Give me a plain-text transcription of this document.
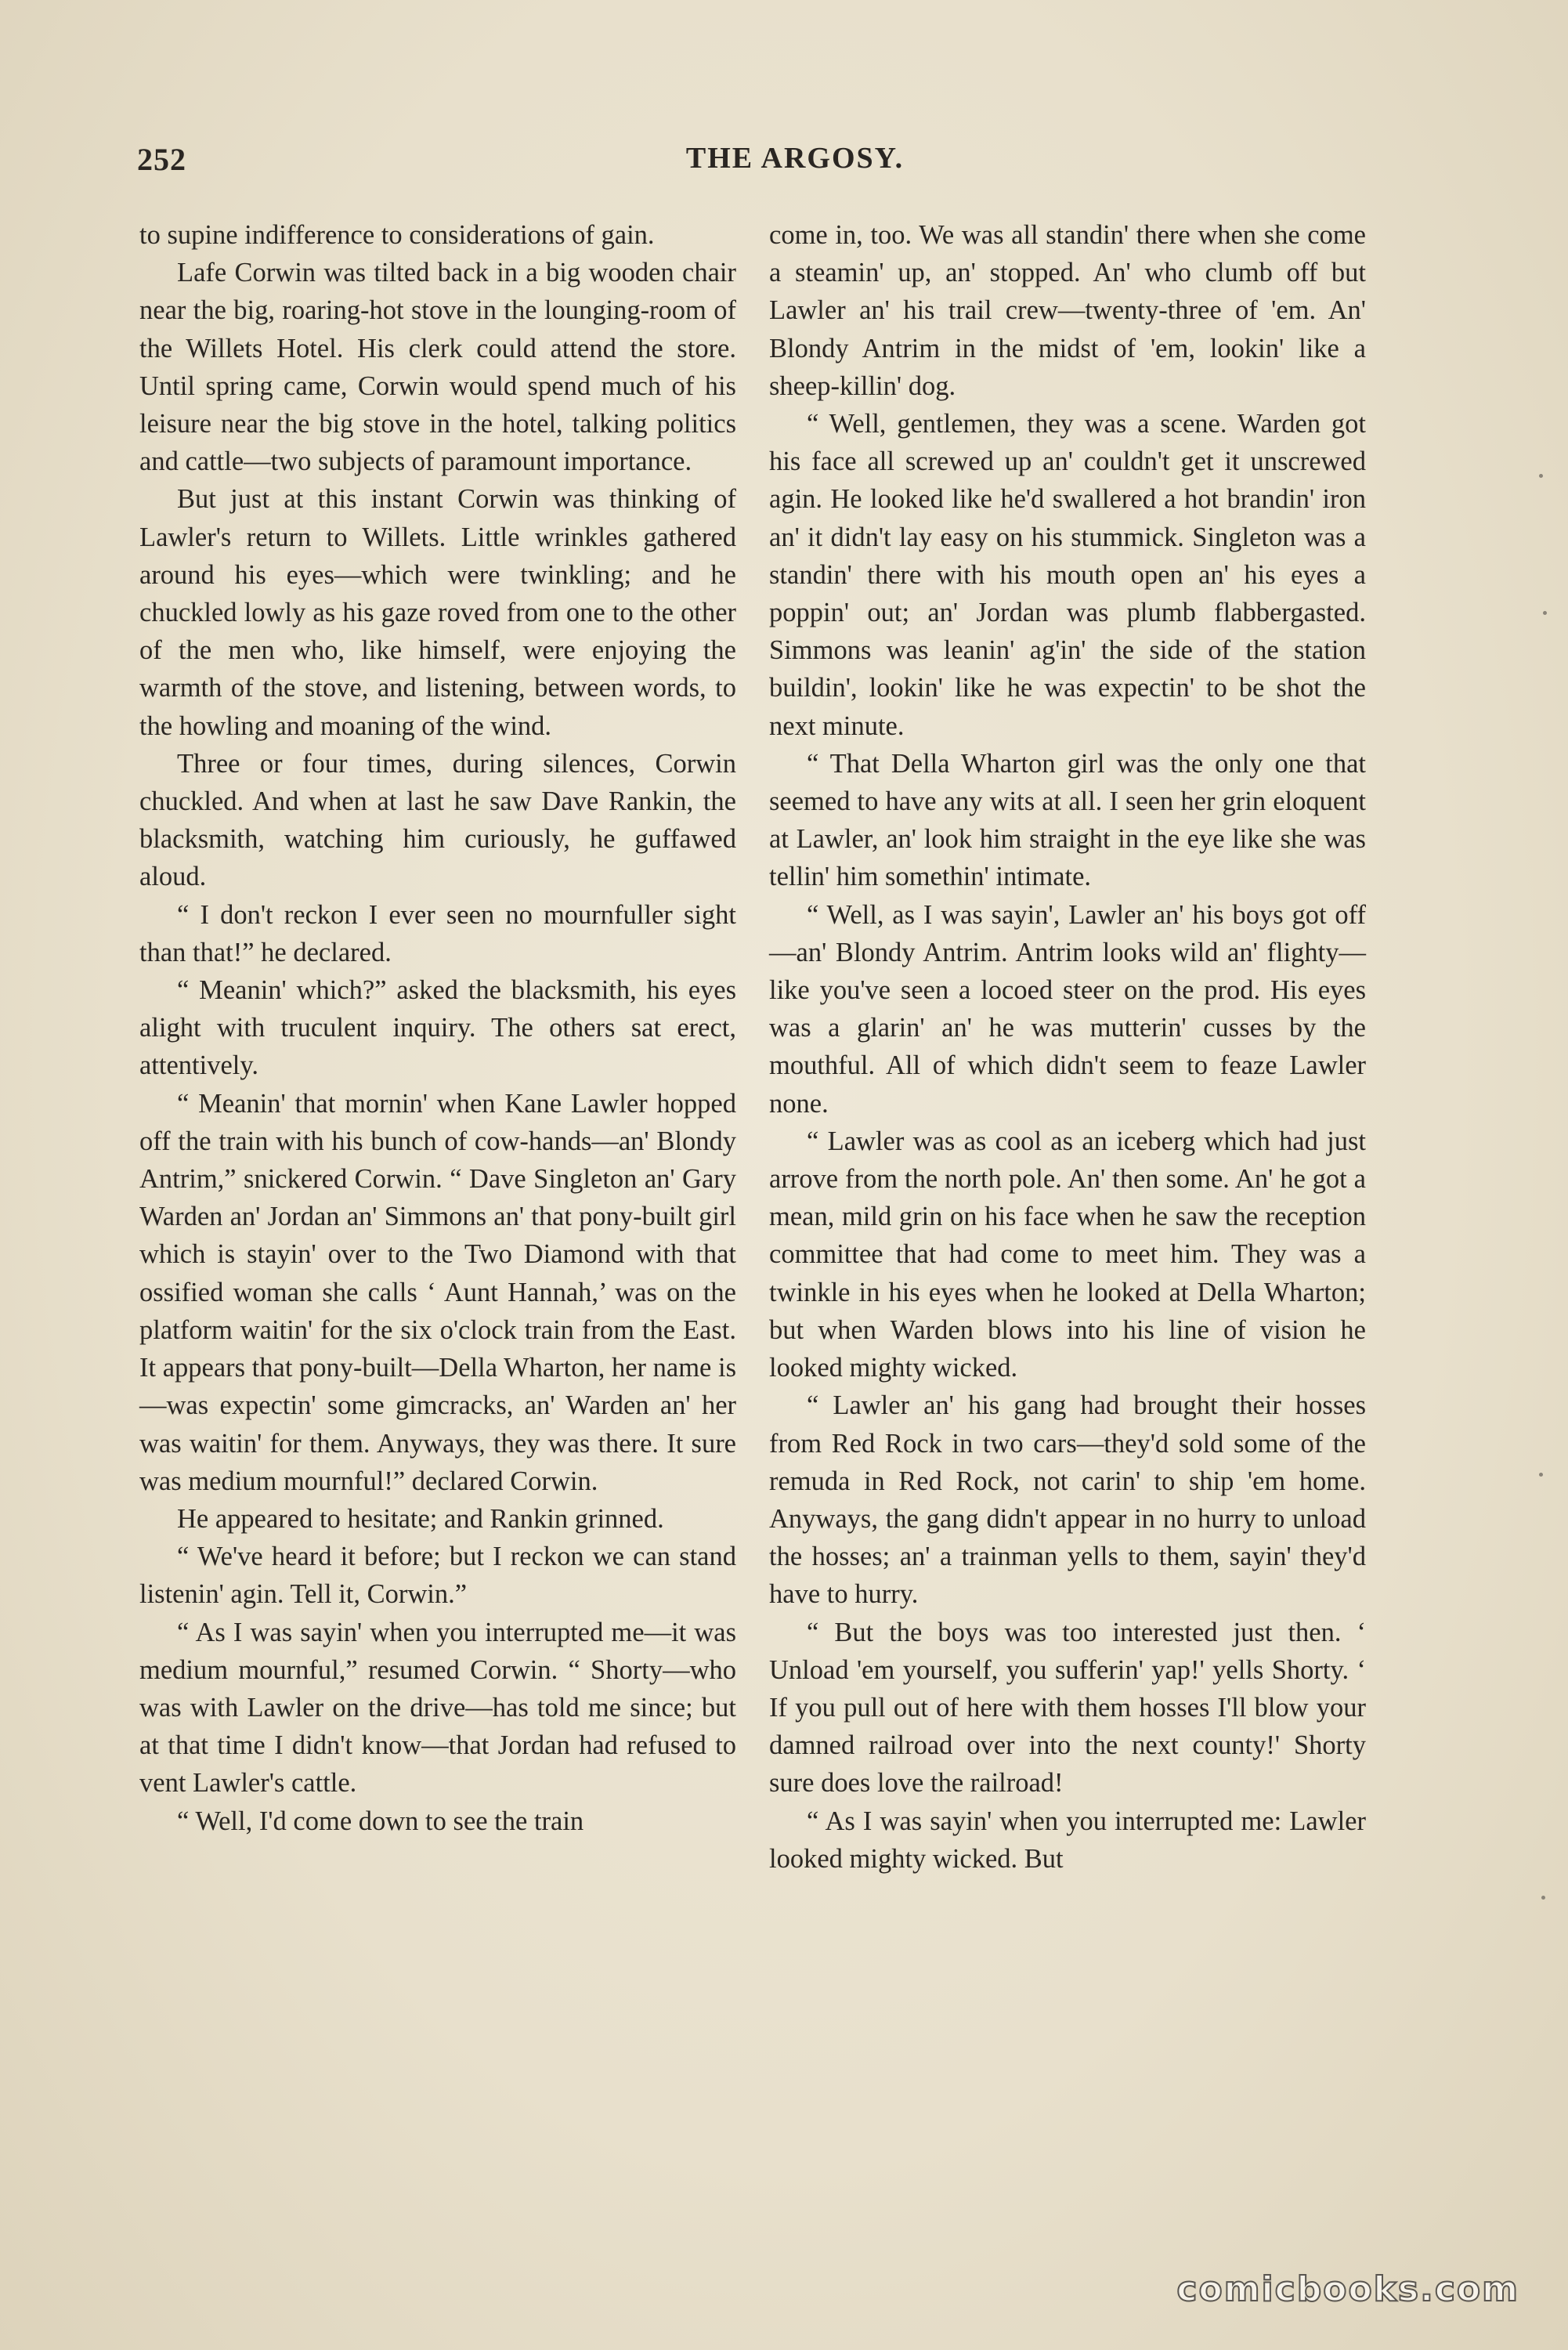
252	THE ARGOSY.

to supine indifference to considerations of gain.

Lafe Corwin was tilted back in a big wooden chair near the big, roaring-hot stove in the lounging-room of the Willets Hotel. His clerk could attend the store. Until spring came, Corwin would spend much of his leisure near the big stove in the hotel, talking politics and cattle—two subjects of paramount importance.

But just at this instant Corwin was thinking of Lawler's return to Willets. Little wrinkles gathered around his eyes—which were twinkling; and he chuckled lowly as his gaze roved from one to the other of the men who, like himself, were enjoying the warmth of the stove, and listening, between words, to the howling and moaning of the wind.

Three or four times, during silences, Corwin chuckled. And when at last he saw Dave Rankin, the blacksmith, watching him curiously, he guffawed aloud.

“ I don't reckon I ever seen no mournfuller sight than that!” he declared.

“ Meanin' which?” asked the blacksmith, his eyes alight with truculent inquiry. The others sat erect, attentively.

“ Meanin' that mornin' when Kane Lawler hopped off the train with his bunch of cow-hands—an' Blondy Antrim,” snickered Corwin. “ Dave Singleton an' Gary Warden an' Jordan an' Simmons an' that pony-built girl which is stayin' over to the Two Diamond with that ossified woman she calls ‘ Aunt Hannah,’ was on the platform waitin' for the six o'clock train from the East. It appears that pony-built—Della Wharton, her name is—was expectin' some gimcracks, an' Warden an' her was waitin' for them. Anyways, they was there. It sure was medium mournful!” declared Corwin.

He appeared to hesitate; and Rankin grinned.

“ We've heard it before; but I reckon we can stand listenin' agin. Tell it, Corwin.”

“ As I was sayin' when you interrupted me—it was medium mournful,” resumed Corwin. “ Shorty—who was with Lawler on the drive—has told me since; but at that time I didn't know—that Jordan had refused to vent Lawler's cattle.

“ Well, I'd come down to see the train

come in, too. We was all standin' there when she come a steamin' up, an' stopped. An' who clumb off but Lawler an' his trail crew—twenty-three of 'em. An' Blondy Antrim in the midst of 'em, lookin' like a sheep-killin' dog.

“ Well, gentlemen, they was a scene. Warden got his face all screwed up an' couldn't get it unscrewed agin. He looked like he'd swallered a hot brandin' iron an' it didn't lay easy on his stummick. Singleton was a standin' there with his mouth open an' his eyes a poppin' out; an' Jordan was plumb flabbergasted. Simmons was leanin' ag'in' the side of the station buildin', lookin' like he was expectin' to be shot the next minute.

“ That Della Wharton girl was the only one that seemed to have any wits at all. I seen her grin eloquent at Lawler, an' look him straight in the eye like she was tellin' him somethin' intimate.

“ Well, as I was sayin', Lawler an' his boys got off—an' Blondy Antrim. Antrim looks wild an' flighty—like you've seen a locoed steer on the prod. His eyes was a glarin' an' he was mutterin' cusses by the mouthful. All of which didn't seem to feaze Lawler none.

“ Lawler was as cool as an iceberg which had just arrove from the north pole. An' then some. An' he got a mean, mild grin on his face when he saw the reception committee that had come to meet him. They was a twinkle in his eyes when he looked at Della Wharton; but when Warden blows into his line of vision he looked mighty wicked.

“ Lawler an' his gang had brought their hosses from Red Rock in two cars—they'd sold some of the remuda in Red Rock, not carin' to ship 'em home. Anyways, the gang didn't appear in no hurry to unload the hosses; an' a trainman yells to them, sayin' they'd have to hurry.

“ But the boys was too interested just then. ‘ Unload 'em yourself, you sufferin' yap!' yells Shorty. ‘ If you pull out of here with them hosses I'll blow your damned railroad over into the next county!' Shorty sure does love the railroad!

“ As I was sayin' when you interrupted me: Lawler looked mighty wicked. But

comicbooks.com
